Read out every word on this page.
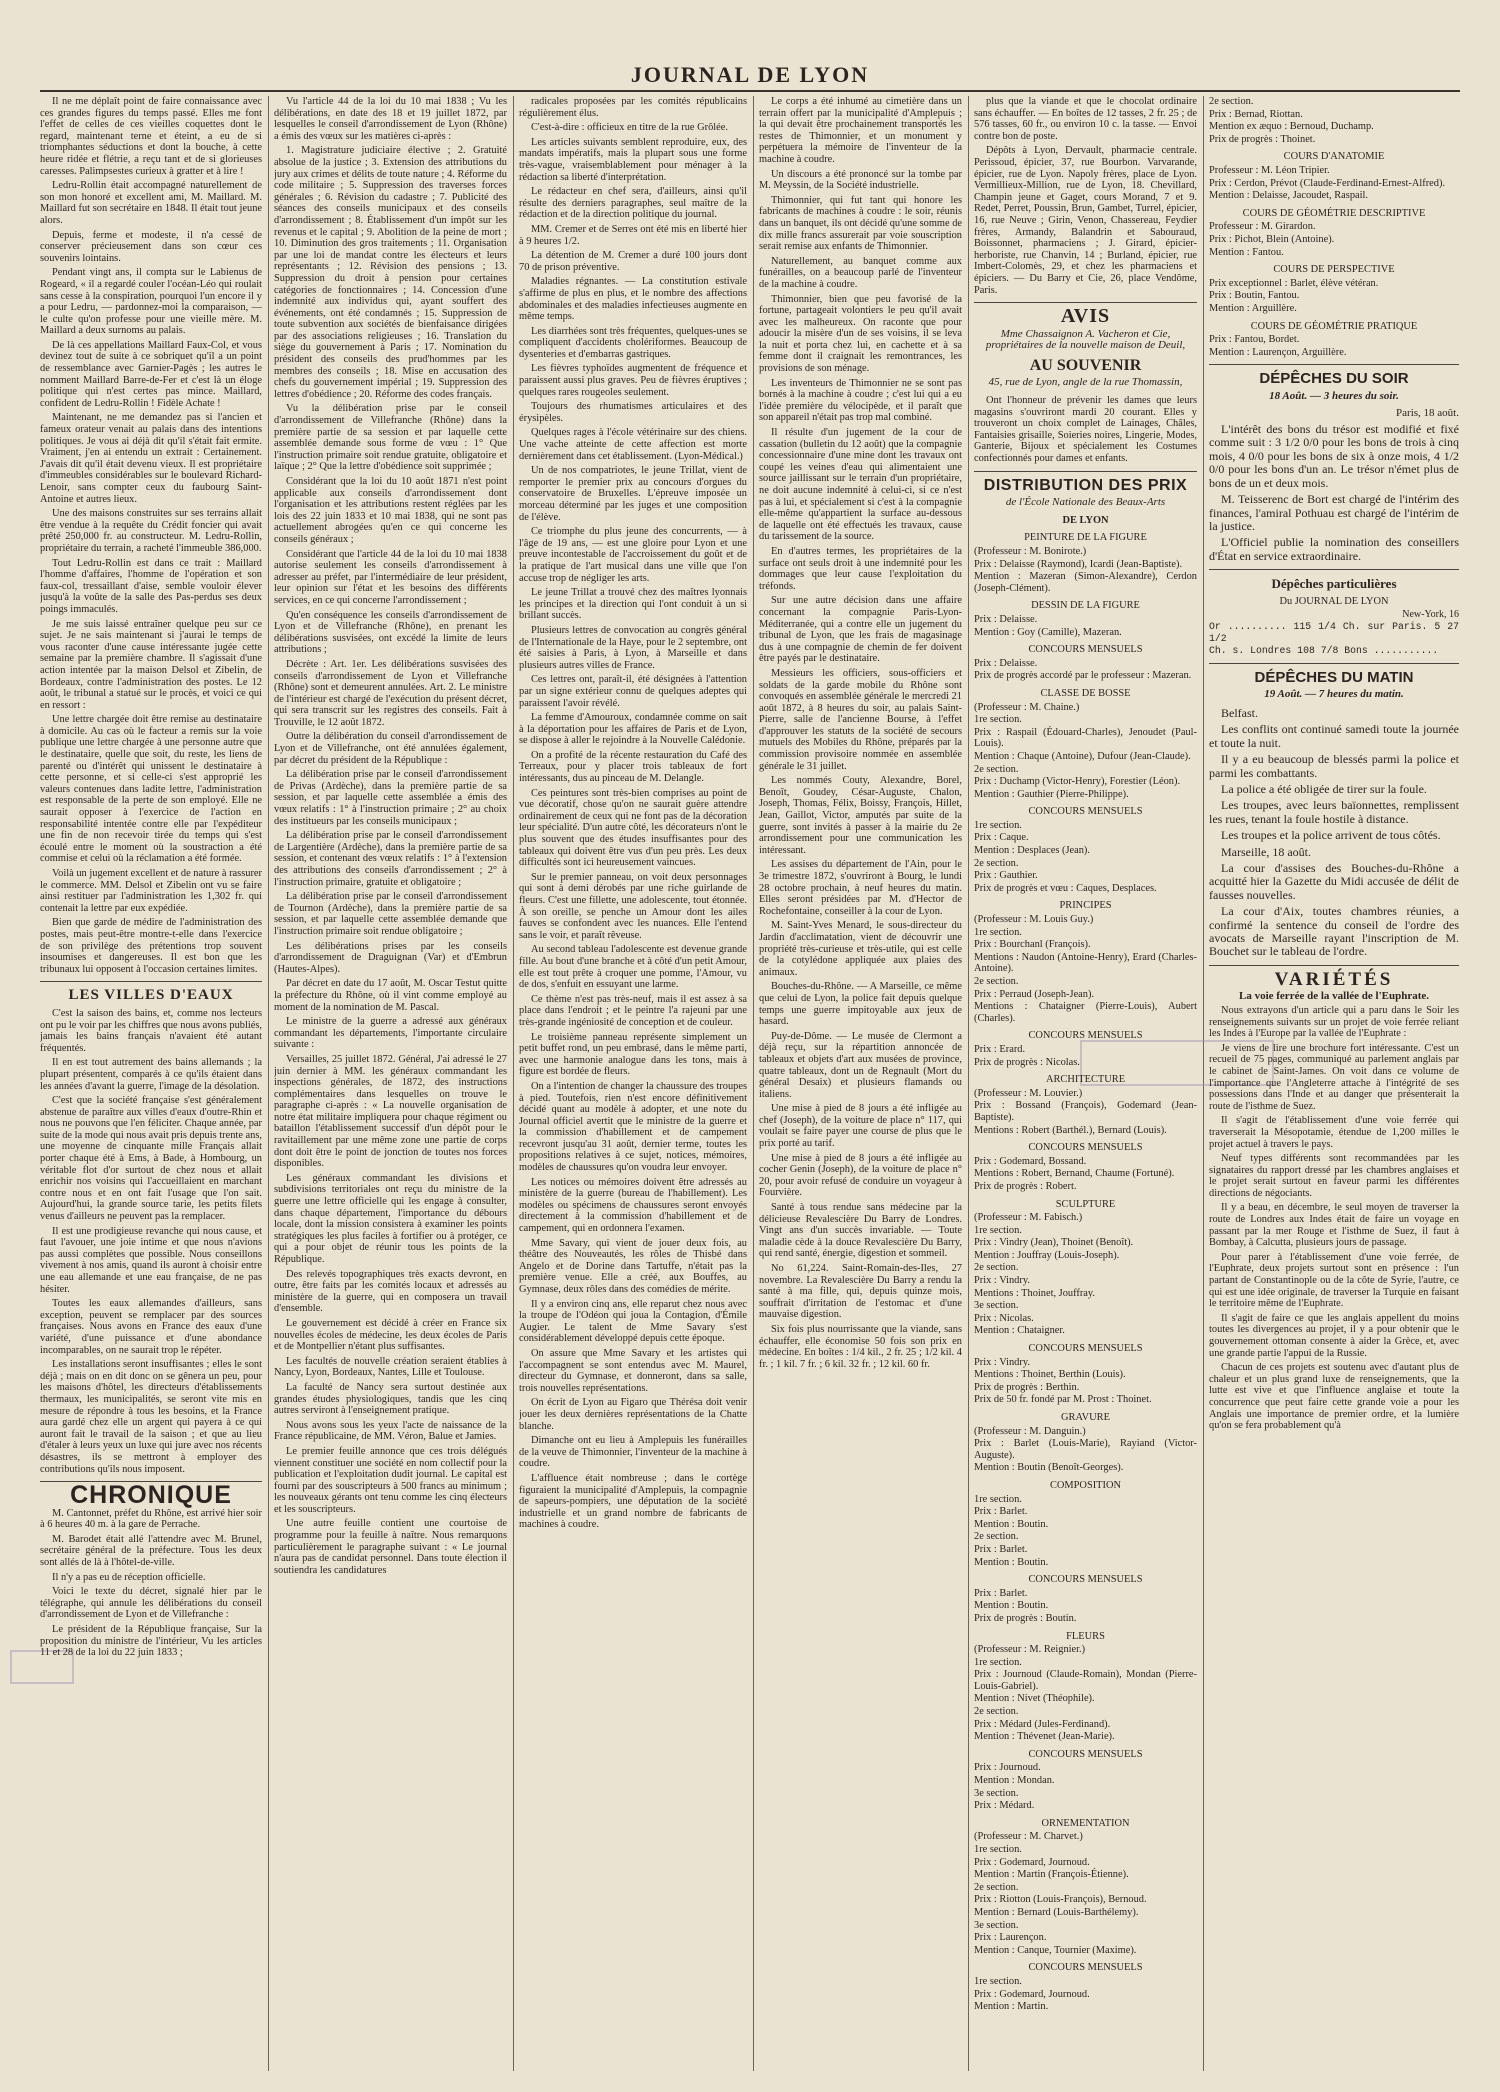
JOURNAL DE LYON

Il ne me déplaît point de faire connaissance avec ces grandes figures du temps passé. Elles me font l'effet de celles de ces vieilles coquettes dont le regard, maintenant terne et éteint, a eu de si triomphantes séductions et dont la bouche, à cette heure ridée et flétrie, a reçu tant et de si glorieuses caresses. Palimpsestes curieux à gratter et à lire !

Ledru-Rollin était accompagné naturellement de son mon honoré et excellent ami, M. Maillard. M. Maillard fut son secrétaire en 1848. Il était tout jeune alors.

Depuis, ferme et modeste, il n'a cessé de conserver précieusement dans son cœur ces souvenirs lointains.

Pendant vingt ans, il compta sur le Labienus de Rogeard, « il a regardé couler l'océan-Léo qui roulait sans cesse à la conspiration, pourquoi l'un encore il y a pour Ledru, — pardonnez-moi la comparaison, — le culte qu'on professe pour une vieille mère. M. Maillard a deux surnoms au palais.

De là ces appellations Maillard Faux-Col, et vous devinez tout de suite à ce sobriquet qu'il a un point de ressemblance avec Garnier-Pagès ; les autres le nomment Maillard Barre-de-Fer et c'est là un éloge politique qui n'est certes pas mince. Maillard, confident de Ledru-Rollin ! Fidèle Achate !

Maintenant, ne me demandez pas si l'ancien et fameux orateur venait au palais dans des intentions politiques. Je vous ai déjà dit qu'il s'était fait ermite. Vraiment, j'en ai entendu un extrait : Certainement. J'avais dit qu'il était devenu vieux. Il est propriétaire d'immeubles considérables sur le boulevard Richard-Lenoir, sans compter ceux du faubourg Saint-Antoine et autres lieux.

Une des maisons construites sur ses terrains allait être vendue à la requête du Crédit foncier qui avait prêté 250,000 fr. au constructeur. M. Ledru-Rollin, propriétaire du terrain, a racheté l'immeuble 386,000.

Tout Ledru-Rollin est dans ce trait : Maillard l'homme d'affaires, l'homme de l'opération et son faux-col, tressaillant d'aise, semble vouloir élever jusqu'à la voûte de la salle des Pas-perdus ses deux poings immaculés.

Je me suis laissé entraîner quelque peu sur ce sujet. Je ne sais maintenant si j'aurai le temps de vous raconter d'une cause intéressante jugée cette semaine par la première chambre. Il s'agissait d'une action intentée par la maison Delsol et Zibelin, de Bordeaux, contre l'administration des postes. Le 12 août, le tribunal a statué sur le procès, et voici ce qui en ressort :

Une lettre chargée doit être remise au destinataire à domicile. Au cas où le facteur a remis sur la voie publique une lettre chargée à une personne autre que le destinataire, quelle que soit, du reste, les liens de parenté ou d'intérêt qui unissent le destinataire à cette personne, et si celle-ci s'est approprié les valeurs contenues dans ladite lettre, l'administration est responsable de la perte de son employé. Elle ne saurait opposer à l'exercice de l'action en responsabilité intentée contre elle par l'expéditeur une fin de non recevoir tirée du temps qui s'est écoulé entre le moment où la soustraction a été commise et celui où la réclamation a été formée.

Voilà un jugement excellent et de nature à rassurer le commerce. MM. Delsol et Zibelin ont vu se faire ainsi restituer par l'administration les 1,302 fr. qui contenait la lettre par eux expédiée.

Bien que garde de médire de l'administration des postes, mais peut-être montre-t-elle dans l'exercice de son privilège des prétentions trop souvent insoumises et dangereuses. Il est bon que les tribunaux lui opposent à l'occasion certaines limites.

LES VILLES D'EAUX

C'est la saison des bains, et, comme nos lecteurs ont pu le voir par les chiffres que nous avons publiés, jamais les bains français n'avaient été autant fréquentés.

Il en est tout autrement des bains allemands ; la plupart présentent, comparés à ce qu'ils étaient dans les années d'avant la guerre, l'image de la désolation.

C'est que la société française s'est généralement abstenue de paraître aux villes d'eaux d'outre-Rhin et nous ne pouvons que l'en féliciter. Chaque année, par suite de la mode qui nous avait pris depuis trente ans, une moyenne de cinquante mille Français allait porter chaque été à Ems, à Bade, à Hombourg, un véritable flot d'or surtout de chez nous et allait enrichir nos voisins qui l'accueillaient en marchant contre nous et en ont fait l'usage que l'on sait. Aujourd'hui, la grande source tarie, les petits filets venus d'ailleurs ne peuvent pas la remplacer.

Il est une prodigieuse revanche qui nous cause, et faut l'avouer, une joie intime et que nous n'avions pas aussi complètes que possible. Nous conseillons vivement à nos amis, quand ils auront à choisir entre une eau allemande et une eau française, de ne pas hésiter.

Toutes les eaux allemandes d'ailleurs, sans exception, peuvent se remplacer par des sources françaises. Nous avons en France des eaux d'une variété, d'une puissance et d'une abondance incomparables, on ne saurait trop le répéter.

Les installations seront insuffisantes ; elles le sont déjà ; mais on en dit donc on se gênera un peu, pour les maisons d'hôtel, les directeurs d'établissements thermaux, les municipalités, se seront vite mis en mesure de répondre à tous les besoins, et la France aura gardé chez elle un argent qui payera à ce qui auront fait le travail de la saison ; et que au lieu d'étaler à leurs yeux un luxe qui jure avec nos récents désastres, ils se mettront à employer des contributions qu'ils nous imposent.

CHRONIQUE

M. Cantonnet, préfet du Rhône, est arrivé hier soir à 6 heures 40 m. à la gare de Perrache.

M. Barodet était allé l'attendre avec M. Brunel, secrétaire général de la préfecture. Tous les deux sont allés de là à l'hôtel-de-ville.

Il n'y a pas eu de réception officielle.

Voici le texte du décret, signalé hier par le télégraphe, qui annule les délibérations du conseil d'arrondissement de Lyon et de Villefranche :

Le président de la République française, Sur la proposition du ministre de l'intérieur, Vu les articles 11 et 28 de la loi du 22 juin 1833 ;

Vu l'article 44 de la loi du 10 mai 1838 ; Vu les délibérations, en date des 18 et 19 juillet 1872, par lesquelles le conseil d'arrondissement de Lyon (Rhône) a émis des vœux sur les matières ci-après :

1. Magistrature judiciaire élective ; 2. Gratuité absolue de la justice ; 3. Extension des attributions du jury aux crimes et délits de toute nature ; 4. Réforme du code militaire ; 5. Suppression des traverses forces générales ; 6. Révision du cadastre ; 7. Publicité des séances des conseils municipaux et des conseils d'arrondissement ; 8. Établissement d'un impôt sur les revenus et le capital ; 9. Abolition de la peine de mort ; 10. Diminution des gros traitements ; 11. Organisation par une loi de mandat contre les électeurs et leurs représentants ; 12. Révision des pensions ; 13. Suppression du droit à pension pour certaines catégories de fonctionnaires ; 14. Concession d'une indemnité aux individus qui, ayant souffert des événements, ont été condamnés ; 15. Suppression de toute subvention aux sociétés de bienfaisance dirigées par des associations religieuses ; 16. Translation du siège du gouvernement à Paris ; 17. Nomination du président des conseils des prud'hommes par les membres des conseils ; 18. Mise en accusation des chefs du gouvernement impérial ; 19. Suppression des lettres d'obédience ; 20. Réforme des codes français.

Vu la délibération prise par le conseil d'arrondissement de Villefranche (Rhône) dans la première partie de sa session et par laquelle cette assemblée demande sous forme de vœu : 1° Que l'instruction primaire soit rendue gratuite, obligatoire et laïque ; 2° Que la lettre d'obédience soit supprimée ;

Considérant que la loi du 10 août 1871 n'est point applicable aux conseils d'arrondissement dont l'organisation et les attributions restent réglées par les lois des 22 juin 1833 et 10 mai 1838, qui ne sont pas actuellement abrogées qu'en ce qui concerne les conseils généraux ;

Considérant que l'article 44 de la loi du 10 mai 1838 autorise seulement les conseils d'arrondissement à adresser au préfet, par l'intermédiaire de leur président, leur opinion sur l'état et les besoins des différents services, en ce qui concerne l'arrondissement ;

Qu'en conséquence les conseils d'arrondissement de Lyon et de Villefranche (Rhône), en prenant les délibérations susvisées, ont excédé la limite de leurs attributions ;

Décrète : Art. 1er. Les délibérations susvisées des conseils d'arrondissement de Lyon et Villefranche (Rhône) sont et demeurent annulées. Art. 2. Le ministre de l'intérieur est chargé de l'exécution du présent décret, qui sera transcrit sur les registres des conseils. Fait à Trouville, le 12 août 1872.

Outre la délibération du conseil d'arrondissement de Lyon et de Villefranche, ont été annulées également, par décret du président de la République :

La délibération prise par le conseil d'arrondissement de Privas (Ardèche), dans la première partie de sa session, et par laquelle cette assemblée a émis des vœux relatifs : 1° à l'instruction primaire ; 2° au choix des institueurs par les conseils municipaux ;

La délibération prise par le conseil d'arrondissement de Largentière (Ardèche), dans la première partie de sa session, et contenant des vœux relatifs : 1° à l'extension des attributions des conseils d'arrondissement ; 2° à l'instruction primaire, gratuite et obligatoire ;

La délibération prise par le conseil d'arrondissement de Tournon (Ardèche), dans la première partie de sa session, et par laquelle cette assemblée demande que l'instruction primaire soit rendue obligatoire ;

Les délibérations prises par les conseils d'arrondissement de Draguignan (Var) et d'Embrun (Hautes-Alpes).

Par décret en date du 17 août, M. Oscar Testut quitte la préfecture du Rhône, où il vint comme employé au moment de la nomination de M. Pascal.

Le ministre de la guerre a adressé aux généraux commandant les départements, l'importante circulaire suivante :

Versailles, 25 juillet 1872. Général, J'ai adressé le 27 juin dernier à MM. les généraux commandant les inspections générales, de 1872, des instructions complémentaires dans lesquelles on trouve le paragraphe ci-après : « La nouvelle organisation de notre état militaire impliquera pour chaque régiment ou bataillon l'établissement successif d'un dépôt pour le ravitaillement par une même zone une partie de corps dont doit être le point de jonction de toutes nos forces disponibles.

Les généraux commandant les divisions et subdivisions territoriales ont reçu du ministre de la guerre une lettre officielle qui les engage à consulter, dans chaque département, l'importance du débours locale, dont la mission consistera à examiner les points stratégiques les plus faciles à fortifier ou à protéger, ce qui a pour objet de réunir tous les points de la République.

Des relevés topographiques très exacts devront, en outre, être faits par les comités locaux et adressés au ministère de la guerre, qui en composera un travail d'ensemble.

Le gouvernement est décidé à créer en France six nouvelles écoles de médecine, les deux écoles de Paris et de Montpellier n'étant plus suffisantes.

Les facultés de nouvelle création seraient établies à Nancy, Lyon, Bordeaux, Nantes, Lille et Toulouse.

La faculté de Nancy sera surtout destinée aux grandes études physiologiques, tandis que les cinq autres serviront à l'enseignement pratique.

Nous avons sous les yeux l'acte de naissance de la France républicaine, de MM. Véron, Balue et Jamies.

Le premier feuille annonce que ces trois délégués viennent constituer une société en nom collectif pour la publication et l'exploitation dudit journal. Le capital est fourni par des souscripteurs à 500 francs au minimum ; les nouveaux gérants ont tenu comme les cinq électeurs et les souscripteurs.

Une autre feuille contient une courtoise de programme pour la feuille à naître. Nous remarquons particulièrement le paragraphe suivant : « Le journal n'aura pas de candidat personnel. Dans toute élection il soutiendra les candidatures

radicales proposées par les comités républicains régulièrement élus.

C'est-à-dire : officieux en titre de la rue Grôlée.

Les articles suivants semblent reproduire, eux, des mandats impératifs, mais la plupart sous une forme très-vague, vraisemblablement pour ménager à la rédaction sa liberté d'interprétation.

Le rédacteur en chef sera, d'ailleurs, ainsi qu'il résulte des derniers paragraphes, seul maître de la rédaction et de la direction politique du journal.

MM. Cremer et de Serres ont été mis en liberté hier à 9 heures 1/2.

La détention de M. Cremer a duré 100 jours dont 70 de prison préventive.

Maladies régnantes. — La constitution estivale s'affirme de plus en plus, et le nombre des affections abdominales et des maladies infectieuses augmente en même temps.

Les diarrhées sont très fréquentes, quelques-unes se compliquent d'accidents cholériformes. Beaucoup de dysenteries et d'embarras gastriques.

Les fièvres typhoïdes augmentent de fréquence et paraissent aussi plus graves. Peu de fièvres éruptives ; quelques rares rougeoles seulement.

Toujours des rhumatismes articulaires et des érysipèles.

Quelques rages à l'école vétérinaire sur des chiens. Une vache atteinte de cette affection est morte dernièrement dans cet établissement. (Lyon-Médical.)

Un de nos compatriotes, le jeune Trillat, vient de remporter le premier prix au concours d'orgues du conservatoire de Bruxelles. L'épreuve imposée un morceau déterminé par les juges et une composition de l'élève.

Ce triomphe du plus jeune des concurrents, — à l'âge de 19 ans, — est une gloire pour Lyon et une preuve incontestable de l'accroissement du goût et de la pratique de l'art musical dans une ville que l'on accuse trop de négliger les arts.

Le jeune Trillat a trouvé chez des maîtres lyonnais les principes et la direction qui l'ont conduit à un si brillant succès.

Plusieurs lettres de convocation au congrès général de l'Internationale de la Haye, pour le 2 septembre, ont été saisies à Paris, à Lyon, à Marseille et dans plusieurs autres villes de France.

Ces lettres ont, paraît-il, été désignées à l'attention par un signe extérieur connu de quelques adeptes qui paraissent l'avoir révélé.

La femme d'Amouroux, condamnée comme on sait à la déportation pour les affaires de Paris et de Lyon, se dispose à aller le rejoindre à la Nouvelle Calédonie.

On a profité de la récente restauration du Café des Terreaux, pour y placer trois tableaux de fort intéressants, dus au pinceau de M. Delangle.

Ces peintures sont très-bien comprises au point de vue décoratif, chose qu'on ne saurait guère attendre ordinairement de ceux qui ne font pas de la décoration leur spécialité. D'un autre côté, les décorateurs n'ont le plus souvent que des études insuffisantes pour des tableaux qui doivent être vus d'un peu près. Les deux difficultés sont ici heureusement vaincues.

Sur le premier panneau, on voit deux personnages qui sont à demi dérobés par une riche guirlande de fleurs. C'est une fillette, une adolescente, tout étonnée. À son oreille, se penche un Amour dont les ailes fauves se confondent avec les nuances. Elle l'entend sans le voir, et paraît rêveuse.

Au second tableau l'adolescente est devenue grande fille. Au bout d'une branche et à côté d'un petit Amour, elle est tout prête à croquer une pomme, l'Amour, vu de dos, s'enfuit en essuyant une larme.

Ce thème n'est pas très-neuf, mais il est assez à sa place dans l'endroit ; et le peintre l'a rajeuni par une très-grande ingéniosité de conception et de couleur.

Le troisième panneau représente simplement un petit buffet rond, un peu embrasé, dans le même parti, avec une harmonie analogue dans les tons, mais à figure est bordée de fleurs.

On a l'intention de changer la chaussure des troupes à pied. Toutefois, rien n'est encore définitivement décidé quant au modèle à adopter, et une note du Journal officiel avertit que le ministre de la guerre et la commission d'habillement et de campement recevront jusqu'au 31 août, dernier terme, toutes les propositions relatives à ce sujet, notices, mémoires, modèles de chaussures qu'on voudra leur envoyer.

Les notices ou mémoires doivent être adressés au ministère de la guerre (bureau de l'habillement). Les modèles ou spécimens de chaussures seront envoyés directement à la commission d'habillement et de campement, qui en ordonnera l'examen.

Mme Savary, qui vient de jouer deux fois, au théâtre des Nouveautés, les rôles de Thisbé dans Angelo et de Dorine dans Tartuffe, n'était pas la première venue. Elle a créé, aux Bouffes, au Gymnase, deux rôles dans des comédies de mérite.

Il y a environ cinq ans, elle reparut chez nous avec la troupe de l'Odéon qui joua la Contagion, d'Émile Augier. Le talent de Mme Savary s'est considérablement développé depuis cette époque.

On assure que Mme Savary et les artistes qui l'accompagnent se sont entendus avec M. Maurel, directeur du Gymnase, et donneront, dans sa salle, trois nouvelles représentations.

On écrit de Lyon au Figaro que Thérésa doit venir jouer les deux dernières représentations de la Chatte blanche.

Dimanche ont eu lieu à Amplepuis les funérailles de la veuve de Thimonnier, l'inventeur de la machine à coudre.

L'affluence était nombreuse ; dans le cortège figuraient la municipalité d'Amplepuis, la compagnie de sapeurs-pompiers, une députation de la société industrielle et un grand nombre de fabricants de machines à coudre.

Le corps a été inhumé au cimetière dans un terrain offert par la municipalité d'Amplepuis ; la qui devait être prochainement transportés les restes de Thimonnier, et un monument y perpétuera la mémoire de l'inventeur de la machine à coudre.

Un discours a été prononcé sur la tombe par M. Meyssin, de la Société industrielle.

Thimonnier, qui fut tant qui honore les fabricants de machines à coudre : le soir, réunis dans un banquet, ils ont décidé qu'une somme de dix mille francs assurerait par voie souscription serait remise aux enfants de Thimonnier.

Naturellement, au banquet comme aux funérailles, on a beaucoup parlé de l'inventeur de la machine à coudre.

Thimonnier, bien que peu favorisé de la fortune, partageait volontiers le peu qu'il avait avec les malheureux. On raconte que pour adoucir la misère d'un de ses voisins, il se leva la nuit et porta chez lui, en cachette et à sa femme dont il craignait les remontrances, les provisions de son ménage.

Les inventeurs de Thimonnier ne se sont pas bornés à la machine à coudre ; c'est lui qui a eu l'idée première du vélocipède, et il paraît que son appareil n'était pas trop mal combiné.

Il résulte d'un jugement de la cour de cassation (bulletin du 12 août) que la compagnie concessionnaire d'une mine dont les travaux ont coupé les veines d'eau qui alimentaient une source jaillissant sur le terrain d'un propriétaire, ne doit aucune indemnité à celui-ci, si ce n'est pas à lui, et spécialement si c'est à la compagnie elle-même qu'appartient la surface au-dessous de laquelle ont été effectués les travaux, cause du tarissement de la source.

En d'autres termes, les propriétaires de la surface ont seuls droit à une indemnité pour les dommages que leur cause l'exploitation du tréfonds.

Sur une autre décision dans une affaire concernant la compagnie Paris-Lyon-Méditerranée, qui a contre elle un jugement du tribunal de Lyon, que les frais de magasinage dus à une compagnie de chemin de fer doivent être payés par le destinataire.

Messieurs les officiers, sous-officiers et soldats de la garde mobile du Rhône sont convoqués en assemblée générale le mercredi 21 août 1872, à 8 heures du soir, au palais Saint-Pierre, salle de l'ancienne Bourse, à l'effet d'approuver les statuts de la société de secours mutuels des Mobiles du Rhône, préparés par la commission provisoire nommée en assemblée générale le 31 juillet.

Les nommés Couty, Alexandre, Borel, Benoît, Goudey, César-Auguste, Chalon, Joseph, Thomas, Félix, Boissy, François, Hillet, Jean, Gaillot, Victor, amputés par suite de la guerre, sont invités à passer à la mairie du 2e arrondissement pour une communication les intéressant.

Les assises du département de l'Ain, pour le 3e trimestre 1872, s'ouvriront à Bourg, le lundi 28 octobre prochain, à neuf heures du matin. Elles seront présidées par M. d'Hector de Rochefontaine, conseiller à la cour de Lyon.

M. Saint-Yves Menard, le sous-directeur du Jardin d'acclimatation, vient de découvrir une propriété très-curieuse et très-utile, qui est celle de la cotylédone appliquée aux plaies des animaux.

Bouches-du-Rhône. — A Marseille, ce même que celui de Lyon, la police fait depuis quelque temps une guerre impitoyable aux jeux de hasard.

Puy-de-Dôme. — Le musée de Clermont a déjà reçu, sur la répartition annoncée de tableaux et objets d'art aux musées de province, quatre tableaux, dont un de Regnault (Mort du général Desaix) et plusieurs flamands ou italiens.

Une mise à pied de 8 jours a été infligée au chef (Joseph), de la voiture de place n° 117, qui voulait se faire payer une course de plus que le prix porté au tarif.

Une mise à pied de 8 jours a été infligée au cocher Genin (Joseph), de la voiture de place n° 20, pour avoir refusé de conduire un voyageur à Fourvière.

Santé à tous rendue sans médecine par la délicieuse Revalescière Du Barry de Londres. Vingt ans d'un succès invariable. — Toute maladie cède à la douce Revalescière Du Barry, qui rend santé, énergie, digestion et sommeil.

No 61,224. Saint-Romain-des-Iles, 27 novembre. La Revalescière Du Barry a rendu la santé à ma fille, qui, depuis quinze mois, souffrait d'irritation de l'estomac et d'une mauvaise digestion.

Six fois plus nourrissante que la viande, sans échauffer, elle économise 50 fois son prix en médecine. En boîtes : 1/4 kil., 2 fr. 25 ; 1/2 kil. 4 fr. ; 1 kil. 7 fr. ; 6 kil. 32 fr. ; 12 kil. 60 fr.

plus que la viande et que le chocolat ordinaire sans échauffer. — En boîtes de 12 tasses, 2 fr. 25 ; de 576 tasses, 60 fr., ou environ 10 c. la tasse. — Envoi contre bon de poste.

Dépôts à Lyon, Dervault, pharmacie centrale. Perissoud, épicier, 37, rue Bourbon. Varvarande, épicier, rue de Lyon. Napoly frères, place de Lyon. Vermillieux-Million, rue de Lyon, 18. Chevillard, Champin jeune et Gaget, cours Morand, 7 et 9. Redet, Perret, Poussin, Brun, Gambet, Turrel, épicier, 16, rue Neuve ; Girin, Venon, Chassereau, Feydier frères, Armandy, Balandrin et Sabouraud, Boissonnet, pharmaciens ; J. Girard, épicier-herboriste, rue Chanvin, 14 ; Burland, épicier, rue Imbert-Colomès, 29, et chez les pharmaciens et épiciers. — Du Barry et Cie, 26, place Vendôme, Paris.

AVIS
Mme Chassaignon A. Vacheron et Cie, propriétaires de la nouvelle maison de Deuil,
AU SOUVENIR
45, rue de Lyon, angle de la rue Thomassin,

Ont l'honneur de prévenir les dames que leurs magasins s'ouvriront mardi 20 courant. Elles y trouveront un choix complet de Lainages, Châles, Fantaisies grisaille, Soieries noires, Lingerie, Modes, Ganterie, Bijoux et spécialement les Costumes confectionnés pour dames et enfants.

DISTRIBUTION DES PRIX
de l'École Nationale des Beaux-Arts
DE LYON
PEINTURE DE LA FIGURE
(Professeur : M. Bonirote.)
Prix : Delaisse (Raymond), Icardi (Jean-Baptiste).
Mention : Mazeran (Simon-Alexandre), Cerdon (Joseph-Clément).
DESSIN DE LA FIGURE
Prix : Delaisse.
Mention : Goy (Camille), Mazeran.
CONCOURS MENSUELS
Prix : Delaisse.
Prix de progrès accordé par le professeur : Mazeran.
CLASSE DE BOSSE
(Professeur : M. Chaine.)
1re section.
Prix : Raspail (Édouard-Charles), Jenoudet (Paul-Louis).
Mention : Chaque (Antoine), Dufour (Jean-Claude).
2e section.
Prix : Duchamp (Victor-Henry), Forestier (Léon).
Mention : Gauthier (Pierre-Philippe).
CONCOURS MENSUELS
1re section.
Prix : Caque.
Mention : Desplaces (Jean).
2e section.
Prix : Gauthier.
Prix de progrès et vœu : Caques, Desplaces.
PRINCIPES
(Professeur : M. Louis Guy.)
1re section.
Prix : Bourchanl (François).
Mentions : Naudon (Antoine-Henry), Erard (Charles-Antoine).
2e section.
Prix : Perraud (Joseph-Jean).
Mentions : Chataigner (Pierre-Louis), Aubert (Charles).
CONCOURS MENSUELS
Prix : Erard.
Prix de progrès : Nicolas.
ARCHITECTURE
(Professeur : M. Louvier.)
Prix : Bossand (François), Godemard (Jean-Baptiste).
Mentions : Robert (Barthél.), Bernard (Louis).
CONCOURS MENSUELS
Prix : Godemard, Bossand.
Mentions : Robert, Bernand, Chaume (Fortuné).
Prix de progrès : Robert.
SCULPTURE
(Professeur : M. Fabisch.)
1re section.
Prix : Vindry (Jean), Thoinet (Benoît).
Mention : Jouffray (Louis-Joseph).
2e section.
Prix : Vindry.
Mentions : Thoinet, Jouffray.
3e section.
Prix : Nicolas.
Mention : Chataigner.
CONCOURS MENSUELS
Prix : Vindry.
Mentions : Thoinet, Berthin (Louis).
Prix de progrès : Berthin.
Prix de 50 fr. fondé par M. Prost : Thoinet.
GRAVURE
(Professeur : M. Danguin.)
Prix : Barlet (Louis-Marie), Rayiand (Victor-Auguste).
Mention : Boutin (Benoît-Georges).
COMPOSITION
1re section.
Prix : Barlet.
Mention : Boutin.
2e section.
Prix : Barlet.
Mention : Boutin.
CONCOURS MENSUELS
Prix : Barlet.
Mention : Boutin.
Prix de progrès : Boutin.
FLEURS
(Professeur : M. Reignier.)
1re section.
Prix : Journoud (Claude-Romain), Mondan (Pierre-Louis-Gabriel).
Mention : Nivet (Théophile).
2e section.
Prix : Médard (Jules-Ferdinand).
Mention : Thévenet (Jean-Marie).
CONCOURS MENSUELS
Prix : Journoud.
Mention : Mondan.
3e section.
Prix : Médard.
ORNEMENTATION
(Professeur : M. Charvet.)
1re section.
Prix : Godemard, Journoud.
Mention : Martin (François-Étienne).
2e section.
Prix : Riotton (Louis-François), Bernoud.
Mention : Bernard (Louis-Barthélemy).
3e section.
Prix : Laurençon.
Mention : Canque, Tournier (Maxime).
CONCOURS MENSUELS
1re section.
Prix : Godemard, Journoud.
Mention : Martin.
2e section.
Prix : Bernad, Riottan.
Mention ex æquo : Bernoud, Duchamp.
Prix de progrès : Thoinet.
COURS D'ANATOMIE
Professeur : M. Léon Tripier.
Prix : Cerdon, Prévot (Claude-Ferdinand-Ernest-Alfred).
Mention : Delaisse, Jacoudet, Raspail.
COURS DE GÉOMÉTRIE DESCRIPTIVE
Professeur : M. Girardon.
Prix : Pichot, Blein (Antoine).
Mention : Fantou.
COURS DE PERSPECTIVE
Prix exceptionnel : Barlet, élève vétéran.
Prix : Boutin, Fantou.
Mention : Arguillère.
COURS DE GÉOMÉTRIE PRATIQUE
Prix : Fantou, Bordet.
Mention : Laurençon, Arguillère.
DÉPÊCHES DU SOIR
18 Août. — 3 heures du soir.
Paris, 18 août.

L'intérêt des bons du trésor est modifié et fixé comme suit : 3 1/2 0/0 pour les bons de trois à cinq mois, 4 0/0 pour les bons de six à onze mois, 4 1/2 0/0 pour les bons d'un an. Le trésor n'émet plus de bons de un et deux mois.

M. Teisserenc de Bort est chargé de l'intérim des finances, l'amiral Pothuau est chargé de l'intérim de la justice.

L'Officiel publie la nomination des conseillers d'État en service extraordinaire.

Dépêches particulières
Du JOURNAL DE LYON
New-York, 16
Or .......... 115 1/4 Ch. sur Paris. 5 27 1/2
Ch. s. Londres 108 7/8 Bons ...........
DÉPÊCHES DU MATIN
19 Août. — 7 heures du matin.

Belfast.

Les conflits ont continué samedi toute la journée et toute la nuit.

Il y a eu beaucoup de blessés parmi la police et parmi les combattants.

La police a été obligée de tirer sur la foule.

Les troupes, avec leurs baïonnettes, remplissent les rues, tenant la foule hostile à distance.

Les troupes et la police arrivent de tous côtés.

Marseille, 18 août.

La cour d'assises des Bouches-du-Rhône a acquitté hier la Gazette du Midi accusée de délit de fausses nouvelles.

La cour d'Aix, toutes chambres réunies, a confirmé la sentence du conseil de l'ordre des avocats de Marseille rayant l'inscription de M. Bouchet sur le tableau de l'ordre.

VARIÉTÉS
La voie ferrée de la vallée de l'Euphrate.

Nous extrayons d'un article qui a paru dans le Soir les renseignements suivants sur un projet de voie ferrée reliant les Indes à l'Europe par la vallée de l'Euphrate :

Je viens de lire une brochure fort intéressante. C'est un recueil de 75 pages, communiqué au parlement anglais par le cabinet de Saint-James. On voit dans ce volume de l'importance que l'Angleterre attache à l'intégrité de ses possessions dans l'Inde et au danger que présenterait la route de l'isthme de Suez.

Il s'agit de l'établissement d'une voie ferrée qui traverserait la Mésopotamie, étendue de 1,200 milles le projet actuel à travers le pays.

Neuf types différents sont recommandées par les signataires du rapport dressé par les chambres anglaises et le projet serait surtout en faveur parmi les différentes directions de négociants.

Il y a beau, en décembre, le seul moyen de traverser la route de Londres aux Indes était de faire un voyage en passant par la mer Rouge et l'isthme de Suez, il faut à Bombay, à Calcutta, plusieurs jours de passage.

Pour parer à l'établissement d'une voie ferrée, de l'Euphrate, deux projets surtout sont en présence : l'un partant de Constantinople ou de la côte de Syrie, l'autre, ce qui est une idée originale, de traverser la Turquie en faisant le territoire même de l'Euphrate.

Il s'agit de faire ce que les anglais appellent du moins toutes les divergences au projet, il y a pour obtenir que le gouvernement ottoman consente à aider la Grèce, et, avec une grande partie l'appui de la Russie.

Chacun de ces projets est soutenu avec d'autant plus de chaleur et un plus grand luxe de renseignements, que la lutte est vive et que l'influence anglaise et toute la concurrence que peut faire cette grande voie a pour les Anglais une importance de premier ordre, et la lumière qu'on se fera probablement qu'à
